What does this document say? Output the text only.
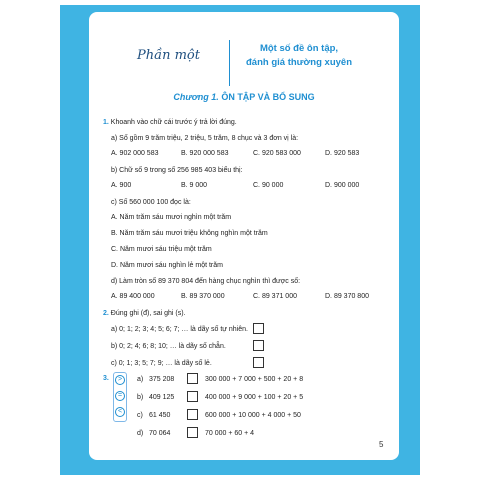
Phần một	Một số đề ôn tập,
đánh giá thường xuyên
Chương 1. ÔN TẬP VÀ BỔ SUNG
1. Khoanh vào chữ cái trước ý trả lời đúng.
a) Số gồm 9 trăm triệu, 2 triệu, 5 trăm, 8 chục và 3 đơn vị là:
A. 902 000 583	B. 920 000 583	C. 920 583 000	D. 920 583
b) Chữ số 9 trong số 256 985 403 biểu thị:
A. 900	B. 9 000	C. 90 000	D. 900 000
c) Số 560 000 100 đọc là:
A. Năm trăm sáu mươi nghìn một trăm
B. Năm trăm sáu mươi triệu không nghìn một trăm
C. Năm mươi sáu triệu một trăm
D. Năm mươi sáu nghìn lẻ một trăm
d) Làm tròn số 89 370 804 đến hàng chục nghìn thì được số:
A. 89 400 000	B. 89 370 000	C. 89 371 000	D. 89 370 800
2. Đúng ghi (đ), sai ghi (s).
a) 0; 1; 2; 3; 4; 5; 6; 7; … là dãy số tự nhiên.
b) 0; 2; 4; 6; 8; 10; … là dãy số chẵn.
c) 0; 1; 3; 5; 7; 9; … là dãy số lẻ.
3.	>
=
<
a) 375 208	300 000 + 7 000 + 500 + 20 + 8
b) 409 125	400 000 + 9 000 + 100 + 20 + 5
c) 61 450	600 000 + 10 000 + 4 000 + 50
d) 70 064	70 000 + 60 + 4
5
